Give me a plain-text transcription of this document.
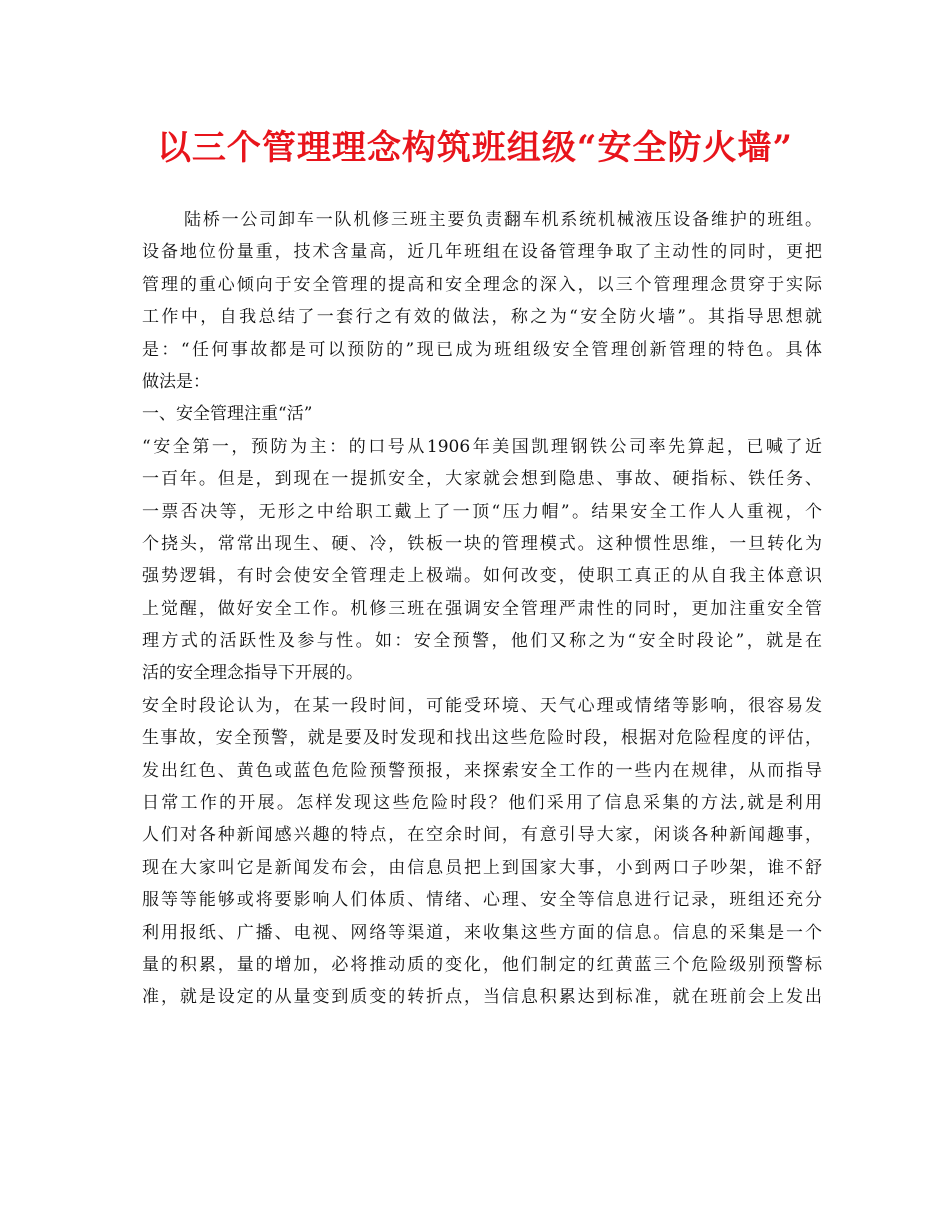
以三个管理理念构筑班组级“安全防火墙”
陆桥一公司卸车一队机修三班主要负责翻车机系统机械液压设备维护的班组。
设备地位份量重，技术含量高，近几年班组在设备管理争取了主动性的同时，更把
管理的重心倾向于安全管理的提高和安全理念的深入，以三个管理理念贯穿于实际
工作中，自我总结了一套行之有效的做法，称之为“安全防火墙”。其指导思想就
是：“任何事故都是可以预防的”现已成为班组级安全管理创新管理的特色。具体
做法是：
一、安全管理注重“活”
“安全第一，预防为主：的口号从1906年美国凯理钢铁公司率先算起，已喊了近
一百年。但是，到现在一提抓安全，大家就会想到隐患、事故、硬指标、铁任务、
一票否决等，无形之中给职工戴上了一顶“压力帽”。结果安全工作人人重视，个
个挠头，常常出现生、硬、冷，铁板一块的管理模式。这种惯性思维，一旦转化为
强势逻辑，有时会使安全管理走上极端。如何改变，使职工真正的从自我主体意识
上觉醒，做好安全工作。机修三班在强调安全管理严肃性的同时，更加注重安全管
理方式的活跃性及参与性。如：安全预警，他们又称之为“安全时段论”，就是在
活的安全理念指导下开展的。
安全时段论认为，在某一段时间，可能受环境、天气心理或情绪等影响，很容易发
生事故，安全预警，就是要及时发现和找出这些危险时段，根据对危险程度的评估，
发出红色、黄色或蓝色危险预警预报，来探索安全工作的一些内在规律，从而指导
日常工作的开展。怎样发现这些危险时段？他们采用了信息采集的方法,就是利用
人们对各种新闻感兴趣的特点，在空余时间，有意引导大家，闲谈各种新闻趣事，
现在大家叫它是新闻发布会，由信息员把上到国家大事，小到两口子吵架，谁不舒
服等等能够或将要影响人们体质、情绪、心理、安全等信息进行记录，班组还充分
利用报纸、广播、电视、网络等渠道，来收集这些方面的信息。信息的采集是一个
量的积累，量的增加，必将推动质的变化，他们制定的红黄蓝三个危险级别预警标
准，就是设定的从量变到质变的转折点，当信息积累达到标准，就在班前会上发出
